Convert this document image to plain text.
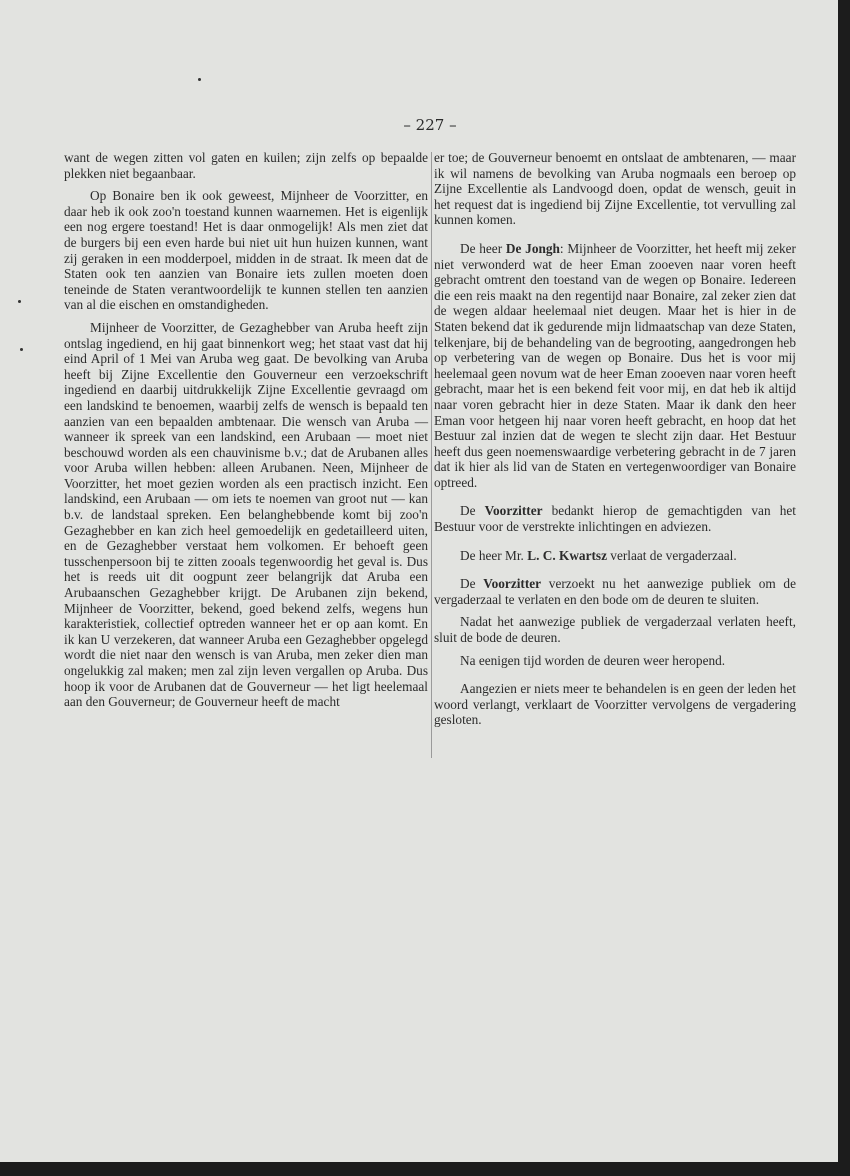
– 227 –

want de wegen zitten vol gaten en kuilen; zijn zelfs op bepaalde plekken niet begaanbaar.

Op Bonaire ben ik ook geweest, Mijnheer de Voorzitter, en daar heb ik ook zoo'n toestand kunnen waarnemen. Het is eigenlijk een nog ergere toestand! Het is daar onmogelijk! Als men ziet dat de burgers bij een even harde bui niet uit hun huizen kunnen, want zij geraken in een modderpoel, midden in de straat. Ik meen dat de Staten ook ten aanzien van Bonaire iets zullen moeten doen teneinde de Staten verantwoordelijk te kunnen stellen ten aanzien van al die eischen en omstandigheden.

Mijnheer de Voorzitter, de Gezaghebber van Aruba heeft zijn ontslag ingediend, en hij gaat binnenkort weg; het staat vast dat hij eind April of 1 Mei van Aruba weg gaat. De bevolking van Aruba heeft bij Zijne Excellentie den Gouverneur een verzoekschrift ingediend en daarbij uitdrukkelijk Zijne Excellentie gevraagd om een landskind te benoemen, waarbij zelfs de wensch is bepaald ten aanzien van een bepaalden ambtenaar. Die wensch van Aruba — wanneer ik spreek van een landskind, een Arubaan — moet niet beschouwd worden als een chauvinisme b.v.; dat de Arubanen alles voor Aruba willen hebben: alleen Arubanen. Neen, Mijnheer de Voorzitter, het moet gezien worden als een practisch inzicht. Een landskind, een Arubaan — om iets te noemen van groot nut — kan b.v. de landstaal spreken. Een belanghebbende komt bij zoo'n Gezaghebber en kan zich heel gemoedelijk en gedetailleerd uiten, en de Gezaghebber verstaat hem volkomen. Er behoeft geen tusschenpersoon bij te zitten zooals tegenwoordig het geval is. Dus het is reeds uit dit oogpunt zeer belangrijk dat Aruba een Arubaanschen Gezaghebber krijgt. De Arubanen zijn bekend, Mijnheer de Voorzitter, bekend, goed bekend zelfs, wegens hun karakteristiek, collectief optreden wanneer het er op aan komt. En ik kan U verzekeren, dat wanneer Aruba een Gezaghebber opgelegd wordt die niet naar den wensch is van Aruba, men zeker dien man ongelukkig zal maken; men zal zijn leven vergallen op Aruba. Dus hoop ik voor de Arubanen dat de Gouverneur — het ligt heelemaal aan den Gouverneur; de Gouverneur heeft de macht

er toe; de Gouverneur benoemt en ontslaat de ambtenaren, — maar ik wil namens de bevolking van Aruba nogmaals een beroep op Zijne Excellentie als Landvoogd doen, opdat de wensch, geuit in het request dat is ingediend bij Zijne Excellentie, tot vervulling zal kunnen komen.

De heer De Jongh: Mijnheer de Voorzitter, het heeft mij zeker niet verwonderd wat de heer Eman zooeven naar voren heeft gebracht omtrent den toestand van de wegen op Bonaire. Iedereen die een reis maakt na den regentijd naar Bonaire, zal zeker zien dat de wegen aldaar heelemaal niet deugen. Maar het is hier in de Staten bekend dat ik gedurende mijn lidmaatschap van deze Staten, telkenjare, bij de behandeling van de begrooting, aangedrongen heb op verbetering van de wegen op Bonaire. Dus het is voor mij heelemaal geen novum wat de heer Eman zooeven naar voren heeft gebracht, maar het is een bekend feit voor mij, en dat heb ik altijd naar voren gebracht hier in deze Staten. Maar ik dank den heer Eman voor hetgeen hij naar voren heeft gebracht, en hoop dat het Bestuur zal inzien dat de wegen te slecht zijn daar. Het Bestuur heeft dus geen noemenswaardige verbetering gebracht in de 7 jaren dat ik hier als lid van de Staten en vertegenwoordiger van Bonaire optreed.

De Voorzitter bedankt hierop de gemachtigden van het Bestuur voor de verstrekte inlichtingen en adviezen.

De heer Mr. L. C. Kwartsz verlaat de vergaderzaal.

De Voorzitter verzoekt nu het aanwezige publiek om de vergaderzaal te verlaten en den bode om de deuren te sluiten.

Nadat het aanwezige publiek de vergaderzaal verlaten heeft, sluit de bode de deuren.

Na eenigen tijd worden de deuren weer heropend.

Aangezien er niets meer te behandelen is en geen der leden het woord verlangt, verklaart de Voorzitter vervolgens de vergadering gesloten.
